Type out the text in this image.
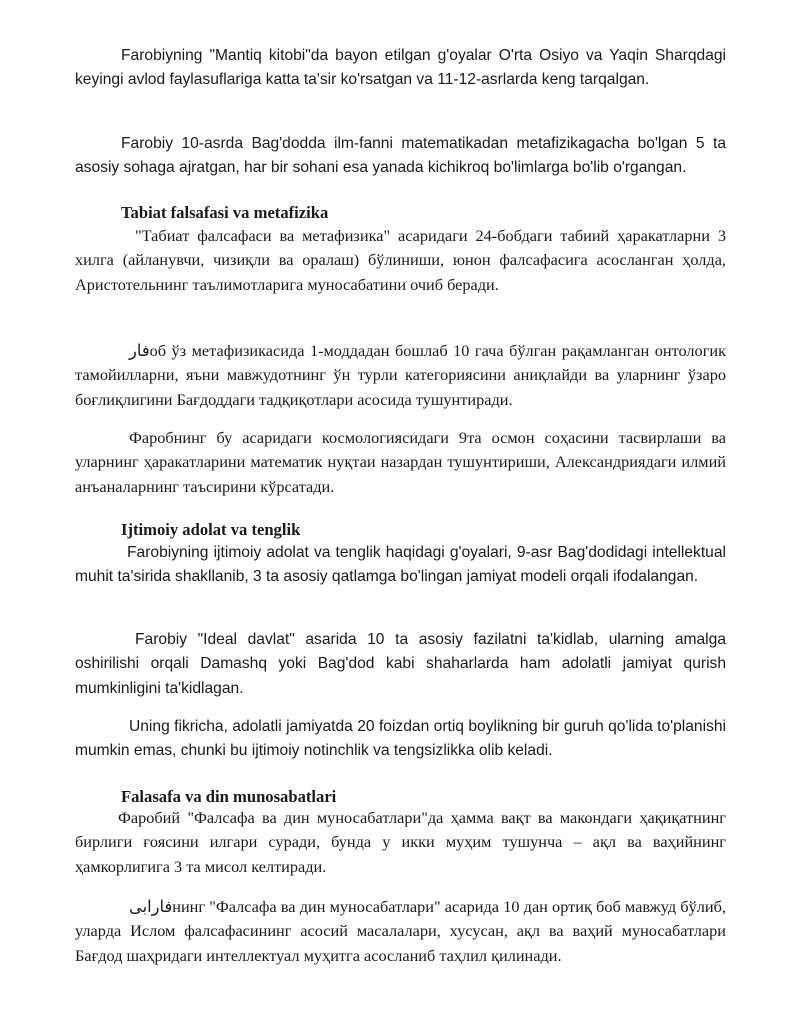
Farobiyning "Mantiq kitobi"da bayon etilgan g'oyalar O'rta Osiyo va Yaqin Sharqdagi keyingi avlod faylasuflariga katta ta'sir ko'rsatgan va 11-12-asrlarda keng tarqalgan.

Farobiy 10-asrda Bag'dodda ilm-fanni matematikadan metafizikagacha bo'lgan 5 ta asosiy sohaga ajratgan, har bir sohani esa yanada kichikroq bo'limlarga bo'lib o'rgangan.

Tabiat falsafasi va metafizika

"Табиат фалсафаси ва метафизика" асаридаги 24-бобдаги табиий ҳаракатларни 3 хилга (айланувчи, чизиқли ва оралаш) бўлиниши, юнон фалсафасига асосланган ҳолда, Аристотельнинг таълимотларига муносабатини очиб беради.

فارоб ўз метафизикасида 1-моддадан бошлаб 10 гача бўлган рақамланган онтологик тамойилларни, яъни мавжудотнинг ўн турли категориясини аниқлайди ва уларнинг ўзаро боғлиқлигини Бағдоддаги тадқиқотлари асосида тушунтиради.

Фаробнинг бу асаридаги космологиясидаги 9та осмон соҳасини тасвирлаши ва уларнинг ҳаракатларини математик нуқтаи назардан тушунтириши, Александриядаги илмий анъаналарнинг таъсирини кўрсатади.

Ijtimoiy adolat va tenglik

Farobiyning ijtimoiy adolat va tenglik haqidagi g'oyalari, 9-asr Bag'dodidagi intellektual muhit ta'sirida shakllanib, 3 ta asosiy qatlamga bo'lingan jamiyat modeli orqali ifodalangan.

Farobiy "Ideal davlat" asarida 10 ta asosiy fazilatni ta'kidlab, ularning amalga oshirilishi orqali Damashq yoki Bag'dod kabi shaharlarda ham adolatli jamiyat qurish mumkinligini ta'kidlagan.

Uning fikricha, adolatli jamiyatda 20 foizdan ortiq boylikning bir guruh qo'lida to'planishi mumkin emas, chunki bu ijtimoiy notinchlik va tengsizlikka olib keladi.

Falasafa va din munosabatlari

Фаробий "Фалсафа ва дин муносабатлари"да ҳамма вақт ва макондаги ҳақиқатнинг бирлиги ғоясини илгари суради, бунда у икки муҳим тушунча – ақл ва ваҳийнинг ҳамкорлигига 3 та мисол келтиради.

فارابیнинг "Фалсафа ва дин муносабатлари" асарида 10 дан ортиқ боб мавжуд бўлиб, уларда Ислом фалсафасининг асосий масалалари, хусусан, ақл ва ваҳий муносабатлари Бағдод шаҳридаги интеллектуал муҳитга асосланиб таҳлил қилинади.
